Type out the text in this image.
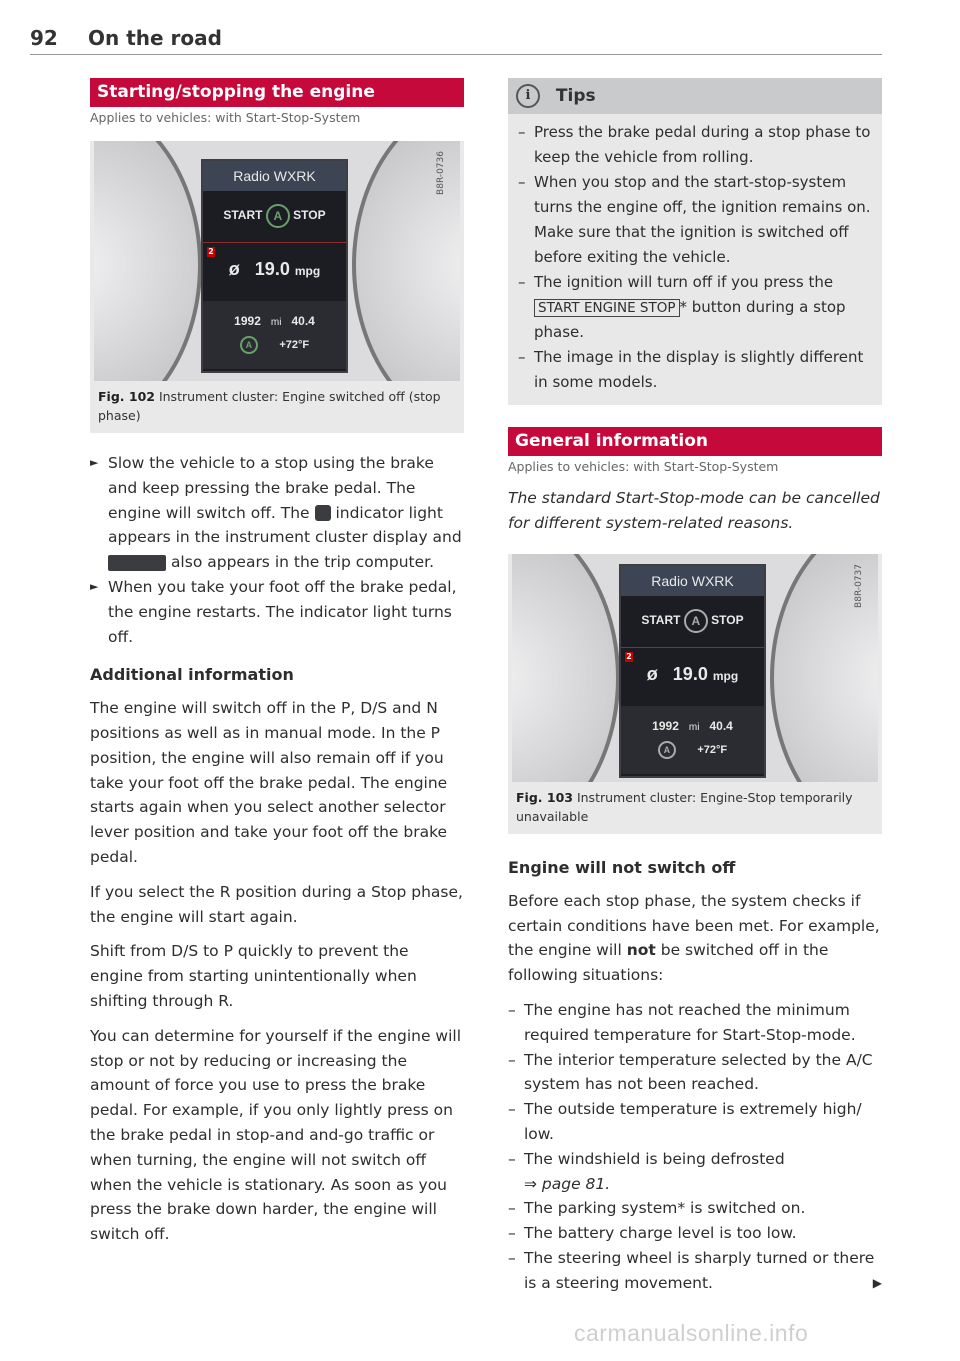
92 On the road
Starting/stopping the engine
Applies to vehicles: with Start-Stop-System
Radio WXRK
START A STOP
2
ø 19.0 mpg
1992 mi 40.4
A +72°F
B8R-0736
Fig. 102 Instrument cluster: Engine switched off (stop phase)
► Slow the vehicle to a stop using the brake and keep pressing the brake pedal. The engine will switch off. The indicator light appears in the instrument cluster display and  also appears in the trip computer.
► When you take your foot off the brake pedal, the engine restarts. The indicator light turns off.
Additional information
The engine will switch off in the P, D/S and N positions as well as in manual mode. In the P position, the engine will also remain off if you take your foot off the brake pedal. The engine starts again when you select another selector lever position and take your foot off the brake pedal.
If you select the R position during a Stop phase, the engine will start again.
Shift from D/S to P quickly to prevent the engine from starting unintentionally when shifting through R.
You can determine for yourself if the engine will stop or not by reducing or increasing the amount of force you use to press the brake pedal. For example, if you only lightly press on the brake pedal in stop-and and-go traffic or when turning, the engine will not switch off when the vehicle is stationary. As soon as you press the brake down harder, the engine will switch off.
i Tips
– Press the brake pedal during a stop phase to keep the vehicle from rolling.
– When you stop and the start-stop-system turns the engine off, the ignition remains on. Make sure that the ignition is switched off before exiting the vehicle.
– The ignition will turn off if you press the START ENGINE STOP * button during a stop phase.
– The image in the display is slightly different in some models.
General information
Applies to vehicles: with Start-Stop-System
The standard Start-Stop-mode can be cancelled for different system-related reasons.
Radio WXRK
START A STOP
2
ø 19.0 mpg
1992 mi 40.4
A +72°F
B8R-0737
Fig. 103 Instrument cluster: Engine-Stop temporarily unavailable
Engine will not switch off
Before each stop phase, the system checks if certain conditions have been met. For example, the engine will not be switched off in the following situations:
– The engine has not reached the minimum required temperature for Start-Stop-mode.
– The interior temperature selected by the A/C system has not been reached.
– The outside temperature is extremely high/ low.
– The windshield is being defrosted
⇒ page 81.
– The parking system* is switched on.
– The battery charge level is too low.
– The steering wheel is sharply turned or there is a steering movement.	▶
carmanualsonline.info
